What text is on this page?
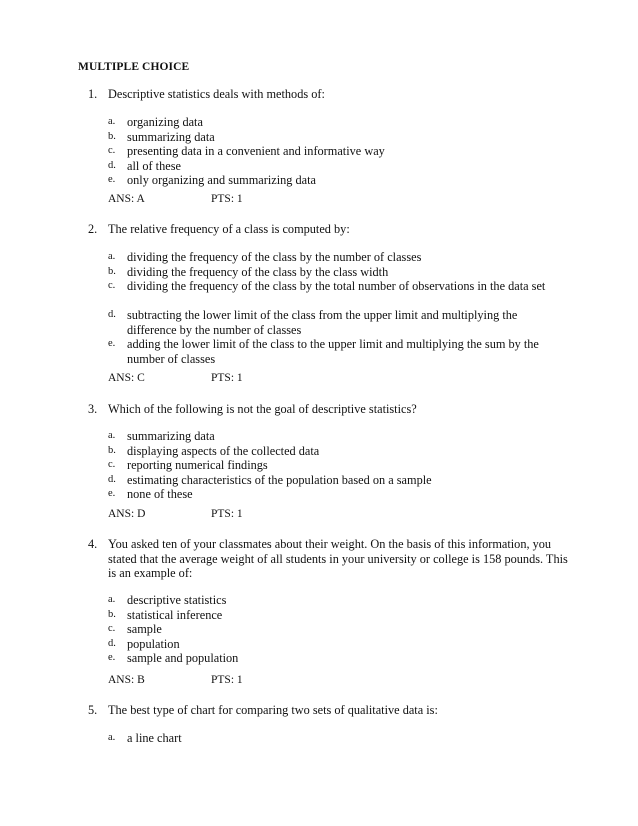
MULTIPLE CHOICE
1. Descriptive statistics deals with methods of:
a. organizing data
b. summarizing data
c. presenting data in a convenient and informative way
d. all of these
e. only organizing and summarizing data
ANS: A	PTS: 1
2. The relative frequency of a class is computed by:
a. dividing the frequency of the class by the number of classes
b. dividing the frequency of the class by the class width
c. dividing the frequency of the class by the total number of observations in the data set
d. subtracting the lower limit of the class from the upper limit and multiplying the difference by the number of classes
e. adding the lower limit of the class to the upper limit and multiplying the sum by the number of classes
ANS: C	PTS: 1
3. Which of the following is not the goal of descriptive statistics?
a. summarizing data
b. displaying aspects of the collected data
c. reporting numerical findings
d. estimating characteristics of the population based on a sample
e. none of these
ANS: D	PTS: 1
4. You asked ten of your classmates about their weight. On the basis of this information, you stated that the average weight of all students in your university or college is 158 pounds. This is an example of:
a. descriptive statistics
b. statistical inference
c. sample
d. population
e. sample and population
ANS: B	PTS: 1
5. The best type of chart for comparing two sets of qualitative data is:
a. a line chart
